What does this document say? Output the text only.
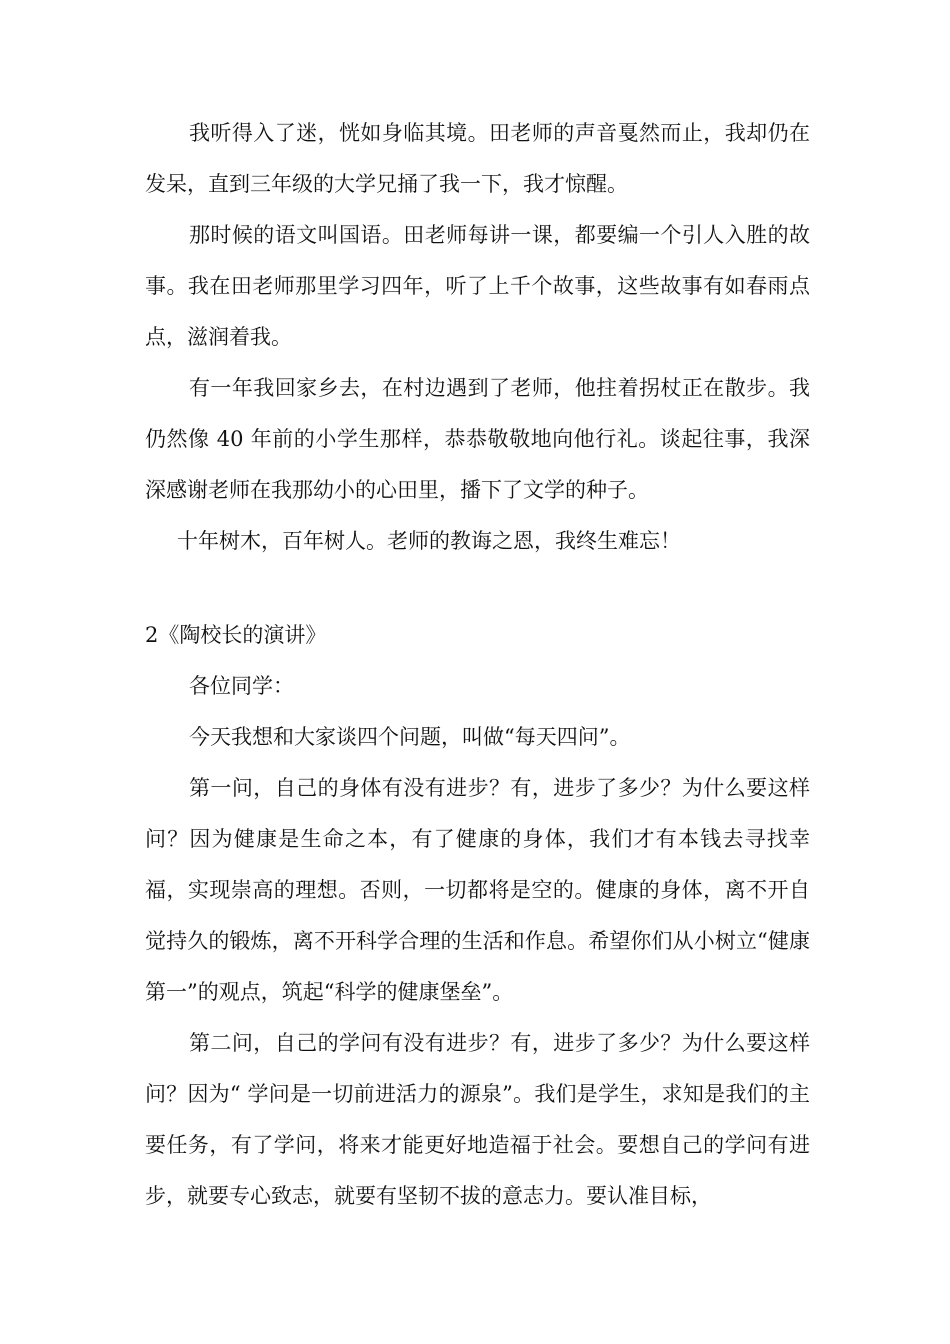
我听得入了迷，恍如身临其境。田老师的声音戛然而止，我却仍在发呆，直到三年级的大学兄捅了我一下，我才惊醒。

那时候的语文叫国语。田老师每讲一课，都要编一个引人入胜的故事。我在田老师那里学习四年，听了上千个故事，这些故事有如春雨点点，滋润着我。

有一年我回家乡去，在村边遇到了老师，他拄着拐杖正在散步。我仍然像 40 年前的小学生那样，恭恭敬敬地向他行礼。谈起往事，我深深感谢老师在我那幼小的心田里，播下了文学的种子。

十年树木，百年树人。老师的教诲之恩，我终生难忘！

2《陶校长的演讲》

各位同学：

今天我想和大家谈四个问题，叫做“每天四问”。

第一问，自己的身体有没有进步？有，进步了多少？为什么要这样问？因为健康是生命之本，有了健康的身体，我们才有本钱去寻找幸福，实现崇高的理想。否则，一切都将是空的。健康的身体，离不开自觉持久的锻炼，离不开科学合理的生活和作息。希望你们从小树立“健康第一”的观点，筑起“科学的健康堡垒”。

第二问，自己的学问有没有进步？有，进步了多少？为什么要这样问？因为“ 学问是一切前进活力的源泉”。我们是学生，求知是我们的主要任务，有了学问，将来才能更好地造福于社会。要想自己的学问有进步，就要专心致志，就要有坚韧不拔的意志力。要认准目标，
